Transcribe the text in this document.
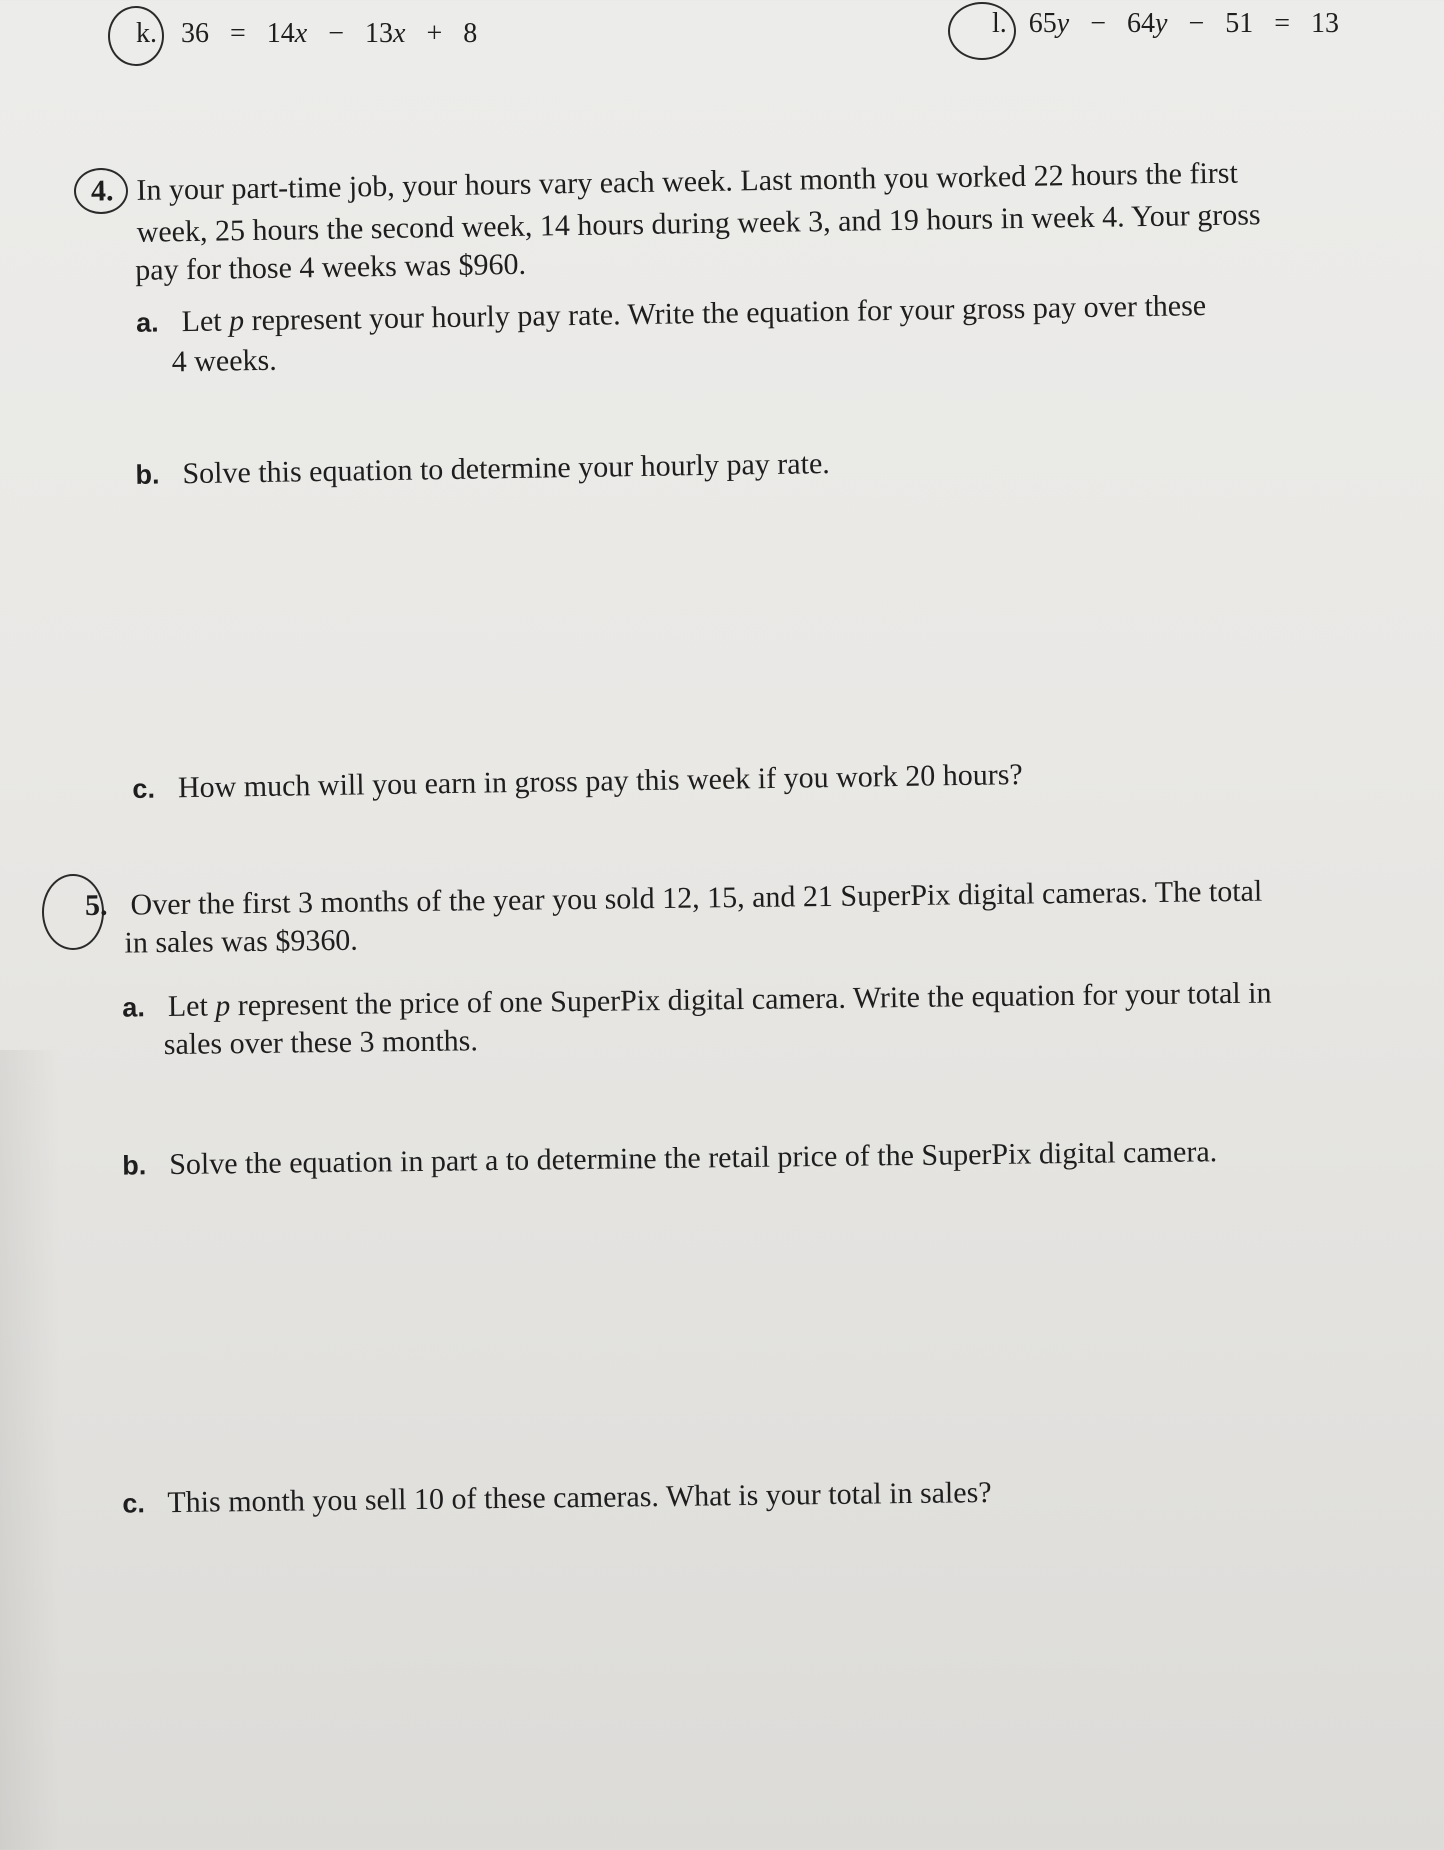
k. 36 = 14x − 13x + 8	l. 65y − 64y − 51 = 13
4. In your part-time job, your hours vary each week. Last month you worked 22 hours the first
week, 25 hours the second week, 14 hours during week 3, and 19 hours in week 4. Your gross
pay for those 4 weeks was $960.
a. Let p represent your hourly pay rate. Write the equation for your gross pay over these
4 weeks.
b. Solve this equation to determine your hourly pay rate.
c. How much will you earn in gross pay this week if you work 20 hours?
5. Over the first 3 months of the year you sold 12, 15, and 21 SuperPix digital cameras. The total
in sales was $9360.
a. Let p represent the price of one SuperPix digital camera. Write the equation for your total in
sales over these 3 months.
b. Solve the equation in part a to determine the retail price of the SuperPix digital camera.
c. This month you sell 10 of these cameras. What is your total in sales?
